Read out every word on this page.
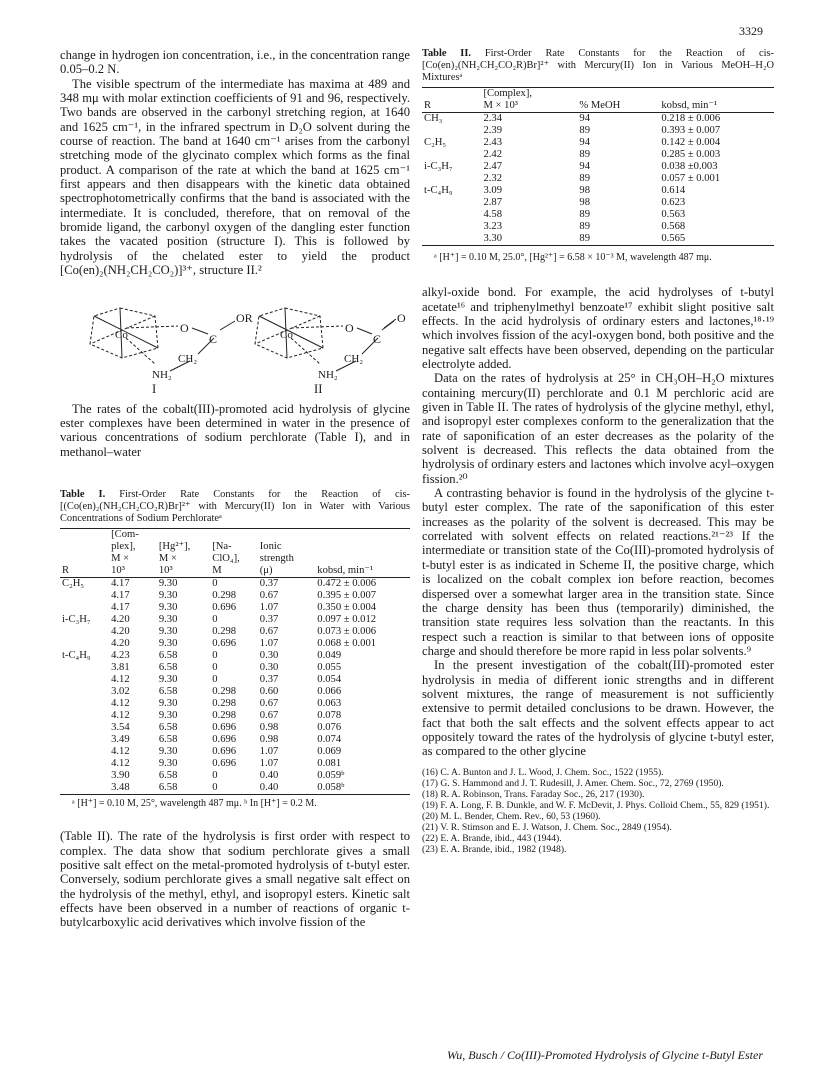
3329

change in hydrogen ion concentration, i.e., in the concentration range 0.05–0.2 N.

The visible spectrum of the intermediate has maxima at 489 and 348 mμ with molar extinction coefficients of 91 and 96, respectively. Two bands are observed in the carbonyl stretching region, at 1640 and 1625 cm⁻¹, in the infrared spectrum in D₂O solvent during the course of reaction. The band at 1640 cm⁻¹ arises from the carbonyl stretching mode of the glycinato complex which forms as the final product. A comparison of the rate at which the band at 1625 cm⁻¹ first appears and then disappears with the kinetic data obtained spectrophotometrically confirms that the band is associated with the intermediate. It is concluded, therefore, that on removal of the bromide ligand, the carbonyl oxygen of the dangling ester function takes the vacated position (structure I). This is followed by hydrolysis of the chelated ester to yield the product [Co(en)₂(NH₂CH₂CO₂)]³⁺, structure II.²

O
C
OR
Co
CH₂
NH₂
O
C
O
Co
CH₂
NH₂
I	II

The rates of the cobalt(III)-promoted acid hydrolysis of glycine ester complexes have been determined in water in the presence of various concentrations of sodium perchlorate (Table I), and in methanol–water

Table I. First-Order Rate Constants for the Reaction of cis-[(Co(en)₂(NH₂CH₂CO₂R)Br]²⁺ with Mercury(II) Ion in Water with Various Concentrations of Sodium Perchlorateᵃ

R	[Com-
plex],
M ×
10³	[Hg²⁺],
M ×
10³	[Na-
ClO₄],
M	Ionic
strength
(μ)	kobsd, min⁻¹
C₂H₅	4.17	9.30	0	0.37	0.472 ± 0.006
	4.17	9.30	0.298	0.67	0.395 ± 0.007
	4.17	9.30	0.696	1.07	0.350 ± 0.004
i-C₃H₇	4.20	9.30	0	0.37	0.097 ± 0.012
	4.20	9.30	0.298	0.67	0.073 ± 0.006
	4.20	9.30	0.696	1.07	0.068 ± 0.001
t-C₄H₉	4.23	6.58	0	0.30	0.049
	3.81	6.58	0	0.30	0.055
	4.12	9.30	0	0.37	0.054
	3.02	6.58	0.298	0.60	0.066
	4.12	9.30	0.298	0.67	0.063
	4.12	9.30	0.298	0.67	0.078
	3.54	6.58	0.696	0.98	0.076
	3.49	6.58	0.696	0.98	0.074
	4.12	9.30	0.696	1.07	0.069
	4.12	9.30	0.696	1.07	0.081
	3.90	6.58	0	0.40	0.059ᵇ
	3.48	6.58	0	0.40	0.058ᵇ

ᵃ [H⁺] = 0.10 M, 25°, wavelength 487 mμ. ᵇ In [H⁺] = 0.2 M.

(Table II). The rate of the hydrolysis is first order with respect to complex. The data show that sodium perchlorate gives a small positive salt effect on the metal-promoted hydrolysis of t-butyl ester. Conversely, sodium perchlorate gives a small negative salt effect on the hydrolysis of the methyl, ethyl, and isopropyl esters. Kinetic salt effects have been observed in a number of reactions of organic t-butylcarboxylic acid derivatives which involve fission of the

Table II. First-Order Rate Constants for the Reaction of cis-[Co(en)₂(NH₂CH₂CO₂R)Br]²⁺ with Mercury(II) Ion in Various MeOH–H₂O Mixturesᵃ

R	[Complex],
M × 10³	% MeOH	kobsd, min⁻¹
CH₃	2.34	94	0.218 ± 0.006
	2.39	89	0.393 ± 0.007
C₂H₅	2.43	94	0.142 ± 0.004
	2.42	89	0.285 ± 0.003
i-C₃H₇	2.47	94	0.038 ±0.003
	2.32	89	0.057 ± 0.001
t-C₄H₉	3.09	98	0.614
	2.87	98	0.623
	4.58	89	0.563
	3.23	89	0.568
	3.30	89	0.565

ᵃ [H⁺] = 0.10 M, 25.0°, [Hg²⁺] = 6.58 × 10⁻³ M, wavelength 487 mμ.

alkyl-oxide bond. For example, the acid hydrolyses of t-butyl acetate¹⁶ and triphenylmethyl benzoate¹⁷ exhibit slight positive salt effects. In the acid hydrolysis of ordinary esters and lactones,¹⁸·¹⁹ which involves fission of the acyl-oxygen bond, both positive and the negative salt effects have been observed, depending on the particular electrolyte added.

Data on the rates of hydrolysis at 25° in CH₃OH–H₂O mixtures containing mercury(II) perchlorate and 0.1 M perchloric acid are given in Table II. The rates of hydrolysis of the glycine methyl, ethyl, and isopropyl ester complexes conform to the generalization that the rate of saponification of an ester decreases as the polarity of the solvent is decreased. This reflects the data obtained from the hydrolysis of ordinary esters and lactones which involve acyl–oxygen fission.²⁰

A contrasting behavior is found in the hydrolysis of the glycine t-butyl ester complex. The rate of the saponification of this ester increases as the polarity of the solvent is decreased. This may be correlated with solvent effects on related reactions.²¹⁻²³ If the intermediate or transition state of the Co(III)-promoted hydrolysis of t-butyl ester is as indicated in Scheme II, the positive charge, which is localized on the cobalt complex ion before reaction, becomes dispersed over a somewhat larger area in the transition state. Since the charge density has been thus (temporarily) diminished, the transition state requires less solvation than the reactants. In this respect such a reaction is similar to that between ions of opposite charge and should therefore be more rapid in less polar solvents.⁹

In the present investigation of the cobalt(III)-promoted ester hydrolysis in media of different ionic strengths and in different solvent mixtures, the range of measurement is not sufficiently extensive to permit detailed conclusions to be drawn. However, the fact that both the salt effects and the solvent effects appear to act oppositely toward the rates of the hydrolysis of glycine t-butyl ester, as compared to the other glycine

(16) C. A. Bunton and J. L. Wood, J. Chem. Soc., 1522 (1955).

(17) G. S. Hammond and J. T. Rudesill, J. Amer. Chem. Soc., 72, 2769 (1950).

(18) R. A. Robinson, Trans. Faraday Soc., 26, 217 (1930).

(19) F. A. Long, F. B. Dunkle, and W. F. McDevit, J. Phys. Colloid Chem., 55, 829 (1951).

(20) M. L. Bender, Chem. Rev., 60, 53 (1960).

(21) V. R. Stimson and E. J. Watson, J. Chem. Soc., 2849 (1954).

(22) E. A. Brande, ibid., 443 (1944).

(23) E. A. Brande, ibid., 1982 (1948).

Wu, Busch / Co(III)-Promoted Hydrolysis of Glycine t-Butyl Ester
